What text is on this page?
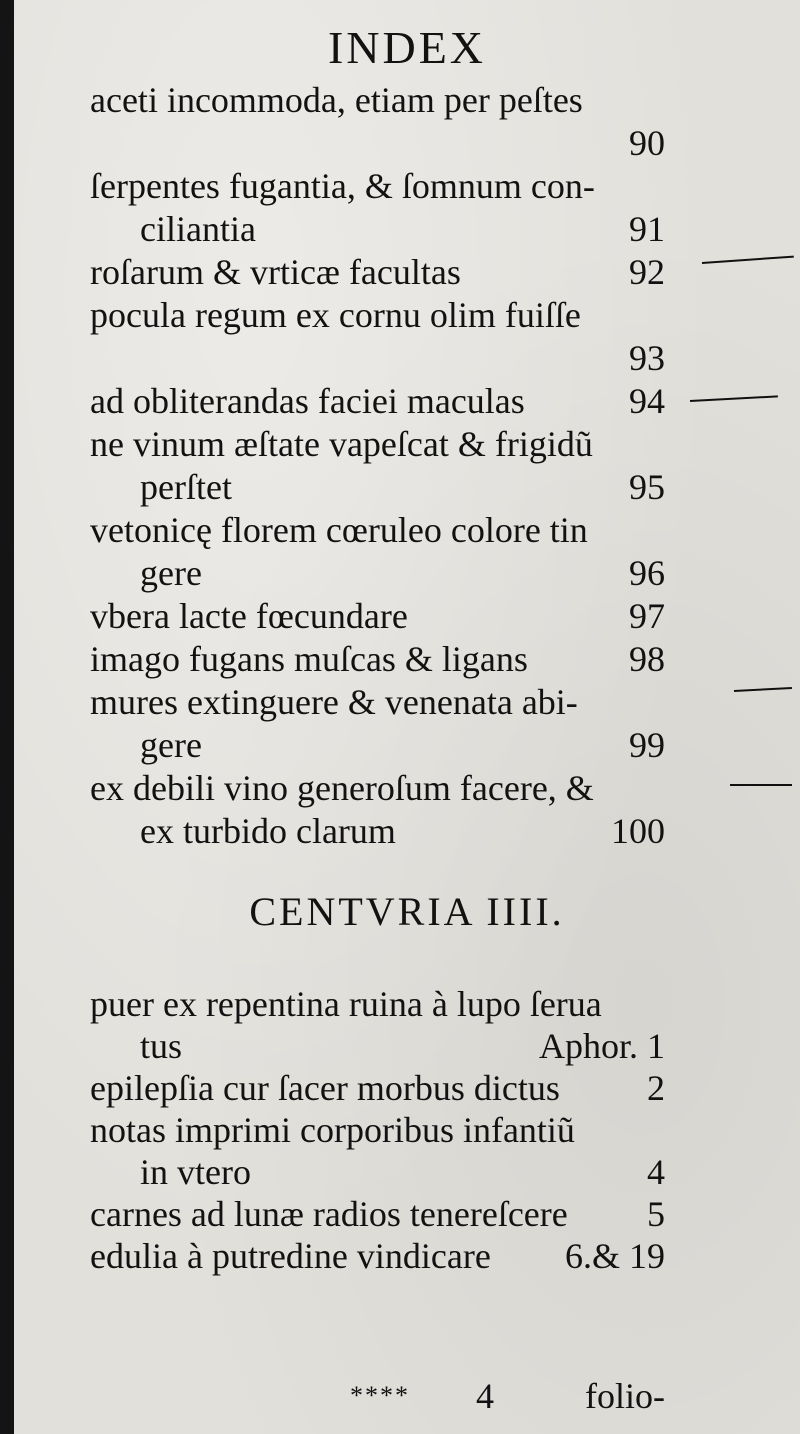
INDEX
aceti incommoda, etiam per peſtes
90
ſerpentes fugantia, & ſomnum con-
ciliantia	91
roſarum & vrticæ facultas	92
pocula regum ex cornu olim fuiſſe
93
ad obliterandas faciei maculas	94
ne vinum æſtate vapeſcat & frigidũ
perſtet	95
vetonicę florem cœruleo colore tin
gere	96
vbera lacte fœcundare	97
imago fugans muſcas & ligans	98
mures extinguere & venenata abi-
gere	99
ex debili vino generoſum facere, &
ex turbido clarum	100
CENTVRIA IIII.
puer ex repentina ruina à lupo ſerua
tus	Aphor. 1
epilepſia cur ſacer morbus dictus 2
notas imprimi corporibus infantiũ
in vtero	4
carnes ad lunæ radios tenereſcere 5
edulia à putredine vindicare 6.& 19
**** 4	folio-
